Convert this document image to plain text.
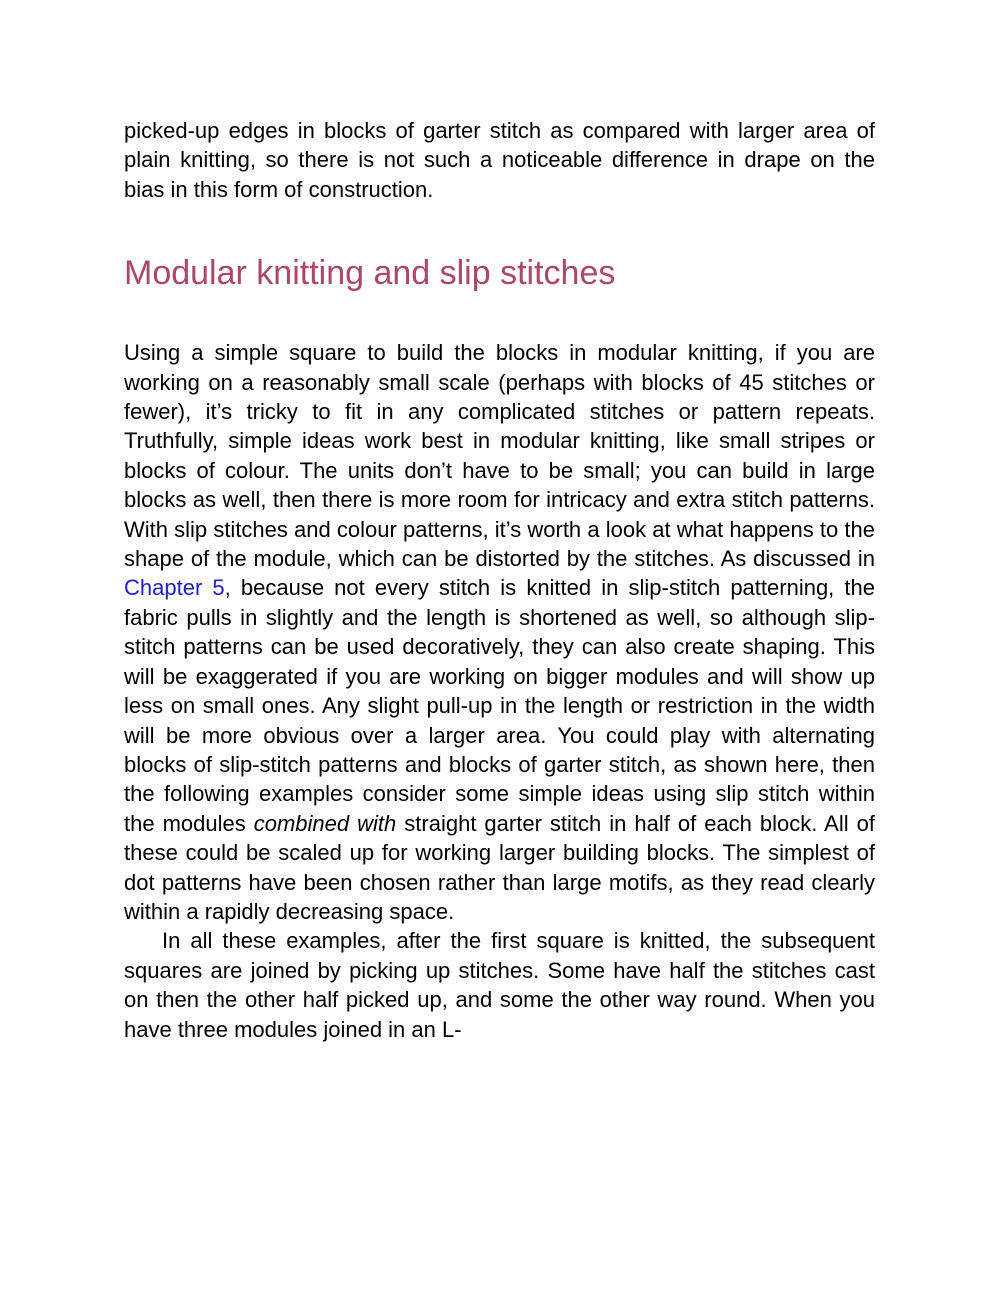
picked-up edges in blocks of garter stitch as compared with larger area of plain knitting, so there is not such a noticeable difference in drape on the bias in this form of construction.

Modular knitting and slip stitches

Using a simple square to build the blocks in modular knitting, if you are working on a reasonably small scale (perhaps with blocks of 45 stitches or fewer), it’s tricky to fit in any complicated stitches or pattern repeats. Truthfully, simple ideas work best in modular knitting, like small stripes or blocks of colour. The units don’t have to be small; you can build in large blocks as well, then there is more room for intricacy and extra stitch patterns. With slip stitches and colour patterns, it’s worth a look at what happens to the shape of the module, which can be distorted by the stitches. As discussed in Chapter 5, because not every stitch is knitted in slip-stitch patterning, the fabric pulls in slightly and the length is shortened as well, so although slip-stitch patterns can be used decoratively, they can also create shaping. This will be exaggerated if you are working on bigger modules and will show up less on small ones. Any slight pull-up in the length or restriction in the width will be more obvious over a larger area. You could play with alternating blocks of slip-stitch patterns and blocks of garter stitch, as shown here, then the following examples consider some simple ideas using slip stitch within the modules combined with straight garter stitch in half of each block. All of these could be scaled up for working larger building blocks. The simplest of dot patterns have been chosen rather than large motifs, as they read clearly within a rapidly decreasing space.

In all these examples, after the first square is knitted, the subsequent squares are joined by picking up stitches. Some have half the stitches cast on then the other half picked up, and some the other way round. When you have three modules joined in an L-
